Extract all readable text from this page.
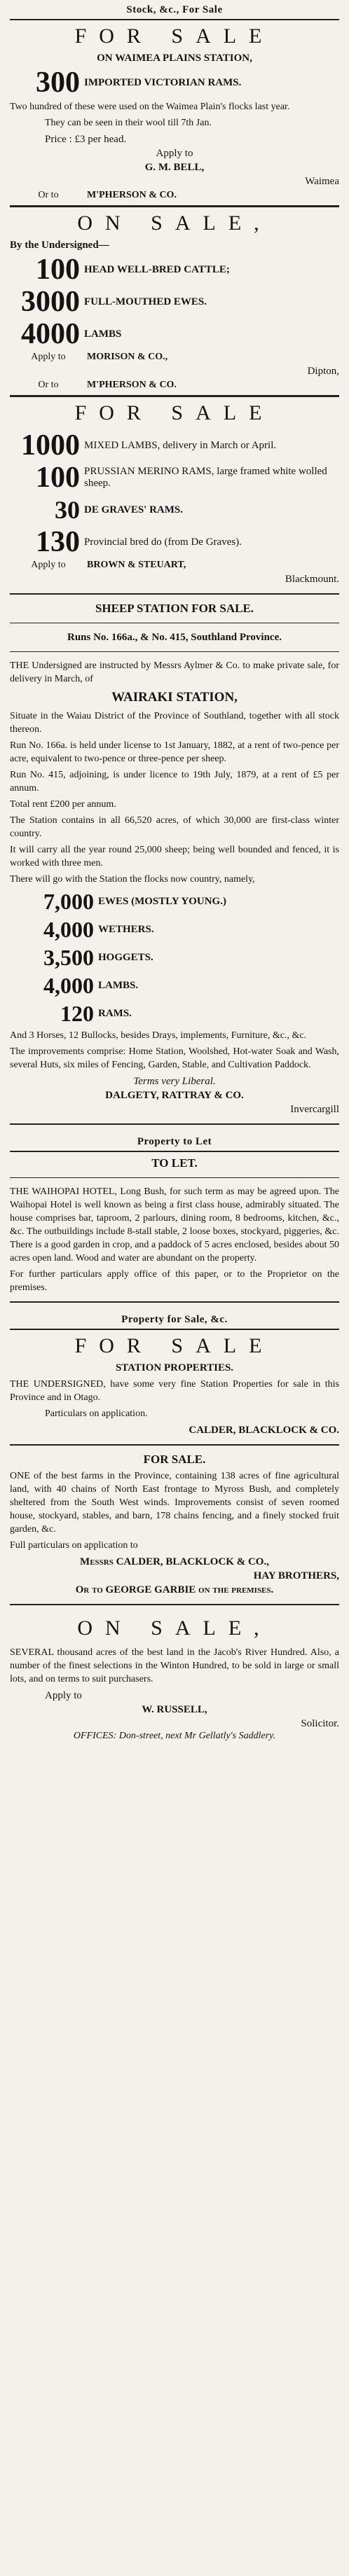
Stock, &c., For Sale
FOR SALE
ON WAIMEA PLAINS STATION,
300 IMPORTED VICTORIAN RAMS.
Two hundred of these were used on the Waimea Plain's flocks last year.
They can be seen in their wool till 7th Jan.
Price : £3 per head.
Apply to
G. M. BELL,
Waimea
Or to	M'PHERSON & CO.
ON SALE,
By the Undersigned—
100 HEAD WELL-BRED CATTLE;
3000 FULL-MOUTHED EWES.
4000 LAMBS
Apply to	MORISON & CO.,
Dipton,
Or to	M'PHERSON & CO.
FOR SALE
1000 MIXED LAMBS, delivery in March or April.
100 PRUSSIAN MERINO RAMS, large framed white wolled sheep.
30 DE GRAVES' RAMS.
130 Provincial bred do (from De Graves).
Apply to	BROWN & STEUART,
Blackmount.
SHEEP STATION FOR SALE.
Runs No. 166a., & No. 415, Southland Province.
THE Undersigned are instructed by Messrs Aylmer & Co. to make private sale, for delivery in March, of
WAIRAKI STATION,
Situate in the Waiau District of the Province of Southland, together with all stock thereon.
Run No. 166a. is held under license to 1st January, 1882, at a rent of two-pence per acre, equivalent to two-pence or three-pence per sheep.
Run No. 415, adjoining, is under licence to 19th July, 1879, at a rent of £5 per annum.
Total rent £200 per annum.
The Station contains in all 66,520 acres, of which 30,000 are first-class winter country.
It will carry all the year round 25,000 sheep; being well bounded and fenced, it is worked with three men.
There will go with the Station the flocks now country, namely,
7,000 EWES (MOSTLY YOUNG.)
4,000 WETHERS.
3,500 HOGGETS.
4,000 LAMBS.
120 RAMS.
And 3 Horses, 12 Bullocks, besides Drays, implements, Furniture, &c., &c.
The improvements comprise: Home Station, Woolshed, Hot-water Soak and Wash, several Huts, six miles of Fencing, Garden, Stable, and Cultivation Paddock.
Terms very Liberal.
DALGETY, RATTRAY & CO.
Invercargill
Property to Let
TO LET.
THE WAIHOPAI HOTEL, Long Bush, for such term as may be agreed upon. The Waihopai Hotel is well known as being a first class house, admirably situated. The house comprises bar, taproom, 2 parlours, dining room, 8 bedrooms, kitchen, &c., &c. The outbuildings include 8-stall stable, 2 loose boxes, stockyard, piggeries, &c. There is a good garden in crop, and a paddock of 5 acres enclosed, besides about 50 acres open land. Wood and water are abundant on the property.
For further particulars apply office of this paper, or to the Proprietor on the premises.
Property for Sale, &c.
FOR SALE
STATION PROPERTIES.
THE UNDERSIGNED, have some very fine Station Properties for sale in this Province and in Otago.
Particulars on application.
CALDER, BLACKLOCK & CO.
FOR SALE.
ONE of the best farms in the Province, containing 138 acres of fine agricultural land, with 40 chains of North East frontage to Myross Bush, and completely sheltered from the South West winds. Improvements consist of seven roomed house, stockyard, stables, and barn, 178 chains fencing, and a finely stocked fruit garden, &c.
Full particulars on application to
Messrs CALDER, BLACKLOCK & CO.,
HAY BROTHERS,
Or to GEORGE GARBIE on the premises.
ON SALE,
SEVERAL thousand acres of the best land in the Jacob's River Hundred. Also, a number of the finest selections in the Winton Hundred, to be sold in large or small lots, and on terms to suit purchasers.
Apply to
W. RUSSELL,
Solicitor.
OFFICES: Don-street, next Mr Gellatly's Saddlery.
